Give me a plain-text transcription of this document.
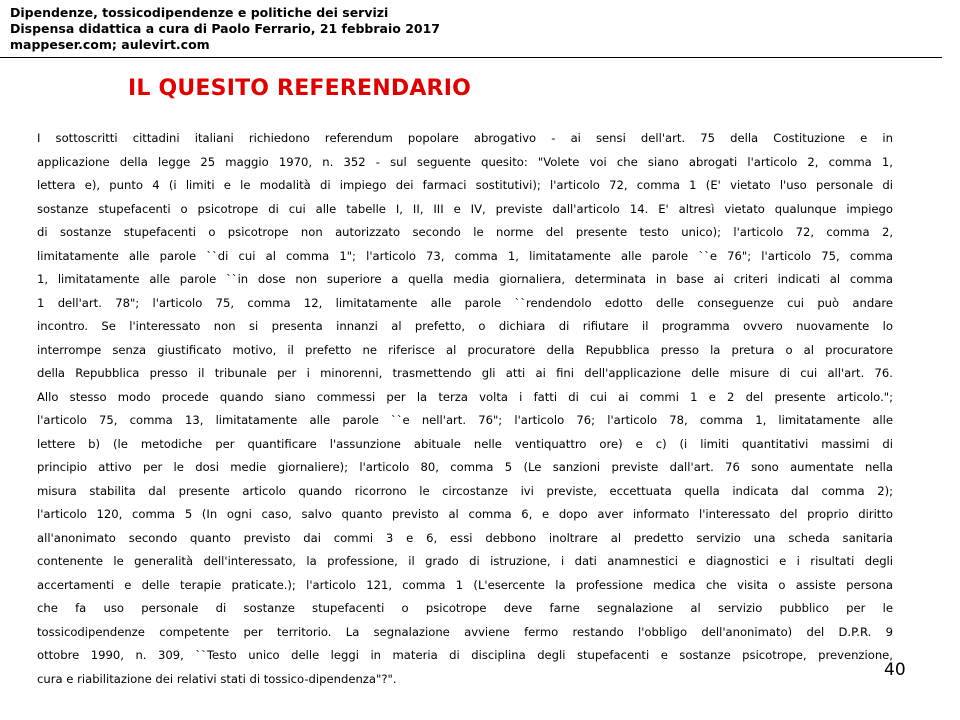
Dipendenze, tossicodipendenze e politiche dei servizi
Dispensa didattica a cura di Paolo Ferrario, 21 febbraio 2017
mappeser.com; aulevirt.com
IL QUESITO REFERENDARIO
I sottoscritti cittadini italiani richiedono referendum popolare abrogativo - ai sensi dell'art. 75 della Costituzione e in
applicazione della legge 25 maggio 1970, n. 352 - sul seguente quesito: "Volete voi che siano abrogati l'articolo 2, comma 1,
lettera e), punto 4 (i limiti e le modalità di impiego dei farmaci sostitutivi); l'articolo 72, comma 1 (E' vietato l'uso personale di
sostanze stupefacenti o psicotrope di cui alle tabelle I, II, III e IV, previste dall'articolo 14. E' altresì vietato qualunque impiego
di sostanze stupefacenti o psicotrope non autorizzato secondo le norme del presente testo unico); l'articolo 72, comma 2,
limitatamente alle parole ``di cui al comma 1"; l'articolo 73, comma 1, limitatamente alle parole ``e 76"; l'articolo 75, comma
1, limitatamente alle parole ``in dose non superiore a quella media giornaliera, determinata in base ai criteri indicati al comma
1 dell'art. 78"; l'articolo 75, comma 12, limitatamente alle parole ``rendendolo edotto delle conseguenze cui può andare
incontro. Se l'interessato non si presenta innanzi al prefetto, o dichiara di rifiutare il programma ovvero nuovamente lo
interrompe senza giustificato motivo, il prefetto ne riferisce al procuratore della Repubblica presso la pretura o al procuratore
della Repubblica presso il tribunale per i minorenni, trasmettendo gli atti ai fini dell'applicazione delle misure di cui all'art. 76.
Allo stesso modo procede quando siano commessi per la terza volta i fatti di cui ai commi 1 e 2 del presente articolo.";
l'articolo 75, comma 13, limitatamente alle parole ``e nell'art. 76"; l'articolo 76; l'articolo 78, comma 1, limitatamente alle
lettere b) (le metodiche per quantificare l'assunzione abituale nelle ventiquattro ore) e c) (i limiti quantitativi massimi di
principio attivo per le dosi medie giornaliere); l'articolo 80, comma 5 (Le sanzioni previste dall'art. 76 sono aumentate nella
misura stabilita dal presente articolo quando ricorrono le circostanze ivi previste, eccettuata quella indicata dal comma 2);
l'articolo 120, comma 5 (In ogni caso, salvo quanto previsto al comma 6, e dopo aver informato l'interessato del proprio diritto
all'anonimato secondo quanto previsto dai commi 3 e 6, essi debbono inoltrare al predetto servizio una scheda sanitaria
contenente le generalità dell'interessato, la professione, il grado di istruzione, i dati anamnestici e diagnostici e i risultati degli
accertamenti e delle terapie praticate.); l'articolo 121, comma 1 (L'esercente la professione medica che visita o assiste persona
che fa uso personale di sostanze stupefacenti o psicotrope deve farne segnalazione al servizio pubblico per le
tossicodipendenze competente per territorio. La segnalazione avviene fermo restando l'obbligo dell'anonimato) del D.P.R. 9
ottobre 1990, n. 309, ``Testo unico delle leggi in materia di disciplina degli stupefacenti e sostanze psicotrope, prevenzione,
cura e riabilitazione dei relativi stati di tossico-dipendenza"?".	40
